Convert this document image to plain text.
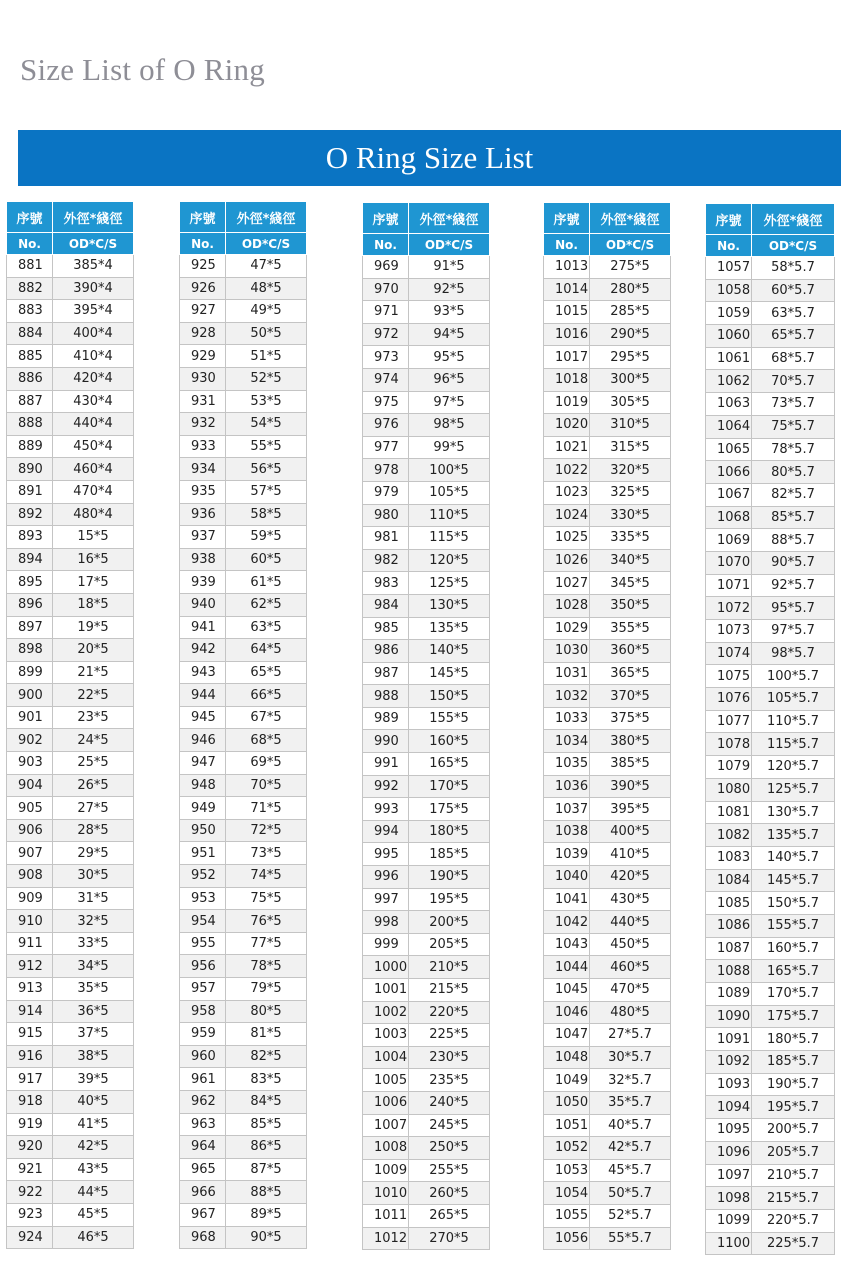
Size List of O Ring
O Ring Size List
序號	外徑*綫徑
No.	OD*C/S
881	385*4
882	390*4
883	395*4
884	400*4
885	410*4
886	420*4
887	430*4
888	440*4
889	450*4
890	460*4
891	470*4
892	480*4
893	15*5
894	16*5
895	17*5
896	18*5
897	19*5
898	20*5
899	21*5
900	22*5
901	23*5
902	24*5
903	25*5
904	26*5
905	27*5
906	28*5
907	29*5
908	30*5
909	31*5
910	32*5
911	33*5
912	34*5
913	35*5
914	36*5
915	37*5
916	38*5
917	39*5
918	40*5
919	41*5
920	42*5
921	43*5
922	44*5
923	45*5
924	46*5
序號	外徑*綫徑
No.	OD*C/S
925	47*5
926	48*5
927	49*5
928	50*5
929	51*5
930	52*5
931	53*5
932	54*5
933	55*5
934	56*5
935	57*5
936	58*5
937	59*5
938	60*5
939	61*5
940	62*5
941	63*5
942	64*5
943	65*5
944	66*5
945	67*5
946	68*5
947	69*5
948	70*5
949	71*5
950	72*5
951	73*5
952	74*5
953	75*5
954	76*5
955	77*5
956	78*5
957	79*5
958	80*5
959	81*5
960	82*5
961	83*5
962	84*5
963	85*5
964	86*5
965	87*5
966	88*5
967	89*5
968	90*5
序號	外徑*綫徑
No.	OD*C/S
969	91*5
970	92*5
971	93*5
972	94*5
973	95*5
974	96*5
975	97*5
976	98*5
977	99*5
978	100*5
979	105*5
980	110*5
981	115*5
982	120*5
983	125*5
984	130*5
985	135*5
986	140*5
987	145*5
988	150*5
989	155*5
990	160*5
991	165*5
992	170*5
993	175*5
994	180*5
995	185*5
996	190*5
997	195*5
998	200*5
999	205*5
1000	210*5
1001	215*5
1002	220*5
1003	225*5
1004	230*5
1005	235*5
1006	240*5
1007	245*5
1008	250*5
1009	255*5
1010	260*5
1011	265*5
1012	270*5
序號	外徑*綫徑
No.	OD*C/S
1013	275*5
1014	280*5
1015	285*5
1016	290*5
1017	295*5
1018	300*5
1019	305*5
1020	310*5
1021	315*5
1022	320*5
1023	325*5
1024	330*5
1025	335*5
1026	340*5
1027	345*5
1028	350*5
1029	355*5
1030	360*5
1031	365*5
1032	370*5
1033	375*5
1034	380*5
1035	385*5
1036	390*5
1037	395*5
1038	400*5
1039	410*5
1040	420*5
1041	430*5
1042	440*5
1043	450*5
1044	460*5
1045	470*5
1046	480*5
1047	27*5.7
1048	30*5.7
1049	32*5.7
1050	35*5.7
1051	40*5.7
1052	42*5.7
1053	45*5.7
1054	50*5.7
1055	52*5.7
1056	55*5.7
序號	外徑*綫徑
No.	OD*C/S
1057	58*5.7
1058	60*5.7
1059	63*5.7
1060	65*5.7
1061	68*5.7
1062	70*5.7
1063	73*5.7
1064	75*5.7
1065	78*5.7
1066	80*5.7
1067	82*5.7
1068	85*5.7
1069	88*5.7
1070	90*5.7
1071	92*5.7
1072	95*5.7
1073	97*5.7
1074	98*5.7
1075	100*5.7
1076	105*5.7
1077	110*5.7
1078	115*5.7
1079	120*5.7
1080	125*5.7
1081	130*5.7
1082	135*5.7
1083	140*5.7
1084	145*5.7
1085	150*5.7
1086	155*5.7
1087	160*5.7
1088	165*5.7
1089	170*5.7
1090	175*5.7
1091	180*5.7
1092	185*5.7
1093	190*5.7
1094	195*5.7
1095	200*5.7
1096	205*5.7
1097	210*5.7
1098	215*5.7
1099	220*5.7
1100	225*5.7
